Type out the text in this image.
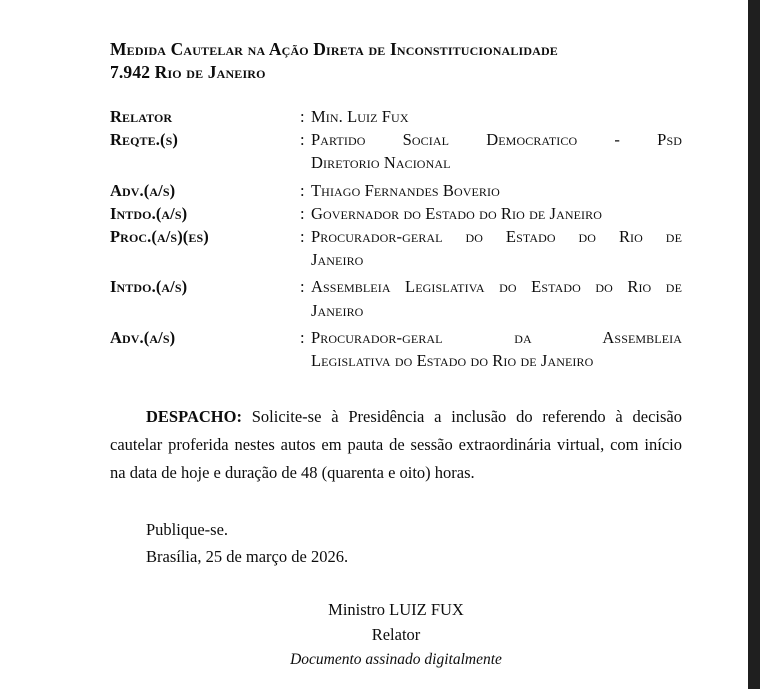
Medida Cautelar na Ação Direta de Inconstitucionalidade
7.942 Rio de Janeiro
Relator	:	Min. Luiz Fux
Reqte.(s)	:	Partido Social Democratico - Psd
Diretorio Nacional

Adv.(a/s)	:	Thiago Fernandes Boverio
Intdo.(a/s)	:	Governador do Estado do Rio de Janeiro
Proc.(a/s)(es)	:	Procurador-geral do Estado do Rio de
Janeiro

Intdo.(a/s)	:	Assembleia Legislativa do Estado do Rio de
Janeiro

Adv.(a/s)	:	Procurador-geral da Assembleia
Legislativa do Estado do Rio de Janeiro

DESPACHO: Solicite-se à Presidência a inclusão do referendo à decisão cautelar proferida nestes autos em pauta de sessão extraordinária virtual, com início na data de hoje e duração de 48 (quarenta e oito) horas.

Publique-se.
Brasília, 25 de março de 2026.
Ministro LUIZ FUX
Relator
Documento assinado digitalmente
